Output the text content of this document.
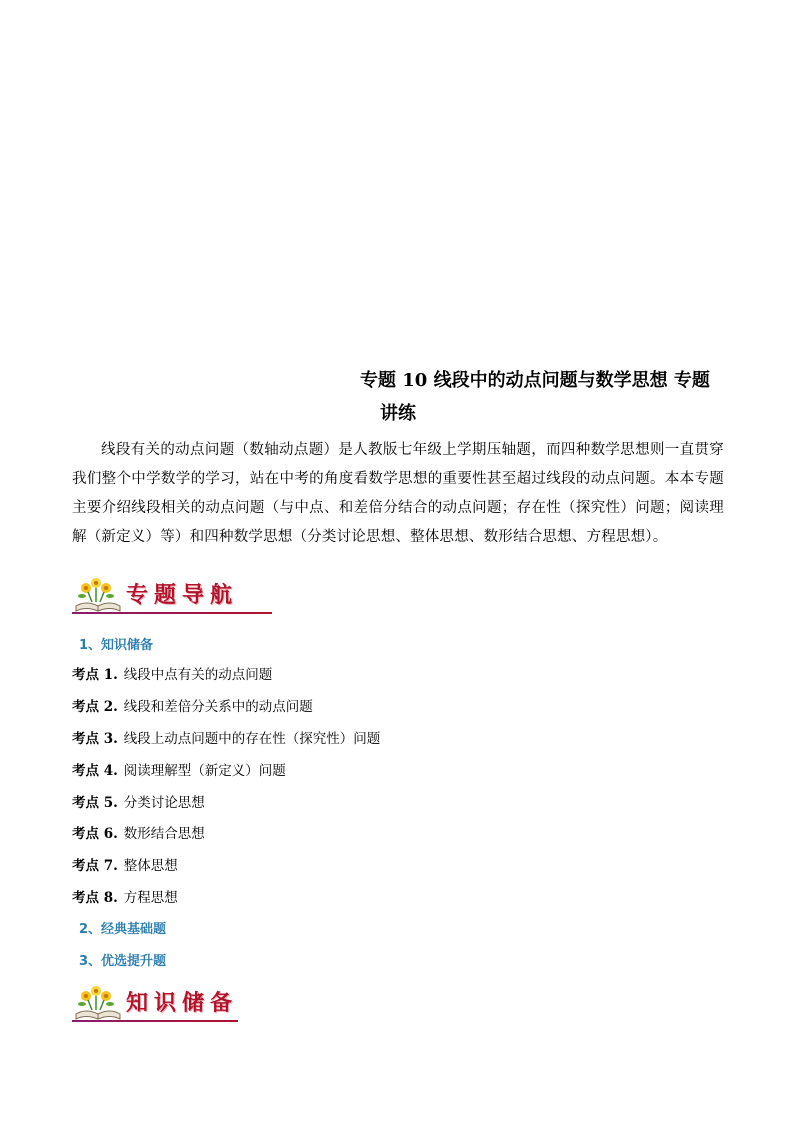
专题 10 线段中的动点问题与数学思想 专题
讲练
线段有关的动点问题（数轴动点题）是人教版七年级上学期压轴题，而四种数学思想则一直贯穿我们整个中学数学的学习，站在中考的角度看数学思想的重要性甚至超过线段的动点问题。本本专题主要介绍线段相关的动点问题（与中点、和差倍分结合的动点问题；存在性（探究性）问题；阅读理解（新定义）等）和四种数学思想（分类讨论思想、整体思想、数形结合思想、方程思想）。
专题导航
1、知识储备
考点 1. 线段中点有关的动点问题
考点 2. 线段和差倍分关系中的动点问题
考点 3. 线段上动点问题中的存在性（探究性）问题
考点 4. 阅读理解型（新定义）问题
考点 5. 分类讨论思想
考点 6. 数形结合思想
考点 7. 整体思想
考点 8. 方程思想
2、经典基础题
3、优选提升题
知识储备
